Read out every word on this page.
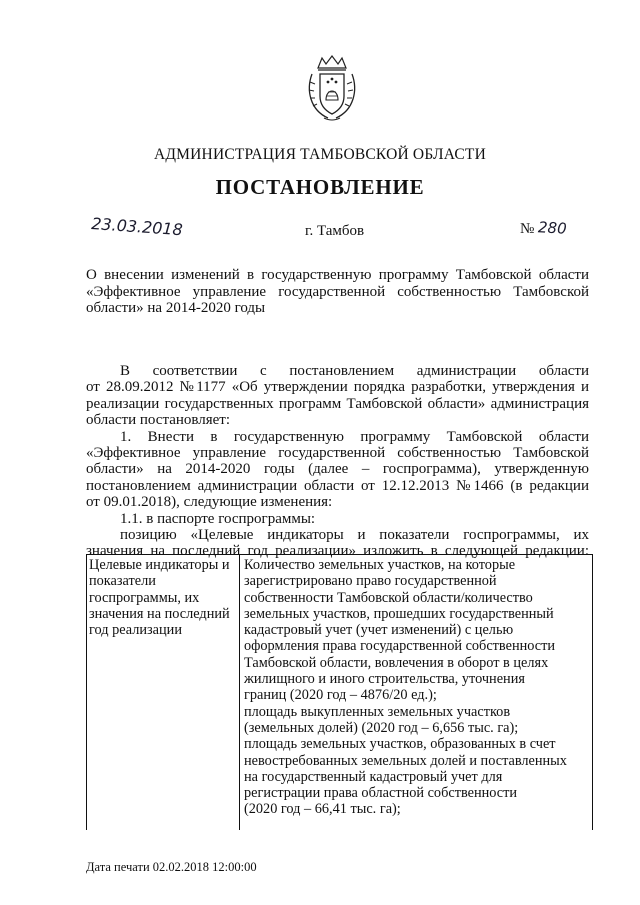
АДМИНИСТРАЦИЯ ТАМБОВСКОЙ ОБЛАСТИ
ПОСТАНОВЛЕНИЕ
23.03.2018	г. Тамбов	№ 280
О внесении изменений в государственную программу Тамбовской области
«Эффективное управление государственной собственностью Тамбовской
области» на 2014-2020 годы
В соответствии с постановлением администрации области
от 28.09.2012 №1177 «Об утверждении порядка разработки, утверждения и
реализации государственных программ Тамбовской области» администрация
области постановляет:
1. Внести в государственную программу Тамбовской области
«Эффективное управление государственной собственностью Тамбовской
области» на 2014-2020 годы (далее – госпрограмма), утвержденную
постановлением администрации области от 12.12.2013 №1466 (в редакции
от 09.01.2018), следующие изменения:
1.1. в паспорте госпрограммы:
позицию «Целевые индикаторы и показатели госпрограммы, их
значения на последний год реализации» изложить в следующей редакции:
Целевые индикаторы и
показатели
госпрограммы, их
значения на последний
год реализации
Количество земельных участков, на которые
зарегистрировано право государственной
собственности Тамбовской области/количество
земельных участков, прошедших государственный
кадастровый учет (учет изменений) с целью
оформления права государственной собственности
Тамбовской области, вовлечения в оборот в целях
жилищного и иного строительства, уточнения
границ (2020 год – 4876/20 ед.);
площадь выкупленных земельных участков
(земельных долей) (2020 год – 6,656 тыс. га);
площадь земельных участков, образованных в счет
невостребованных земельных долей и поставленных
на государственный кадастровый учет для
регистрации права областной собственности
(2020 год – 66,41 тыс. га);
Дата печати 02.02.2018 12:00:00
